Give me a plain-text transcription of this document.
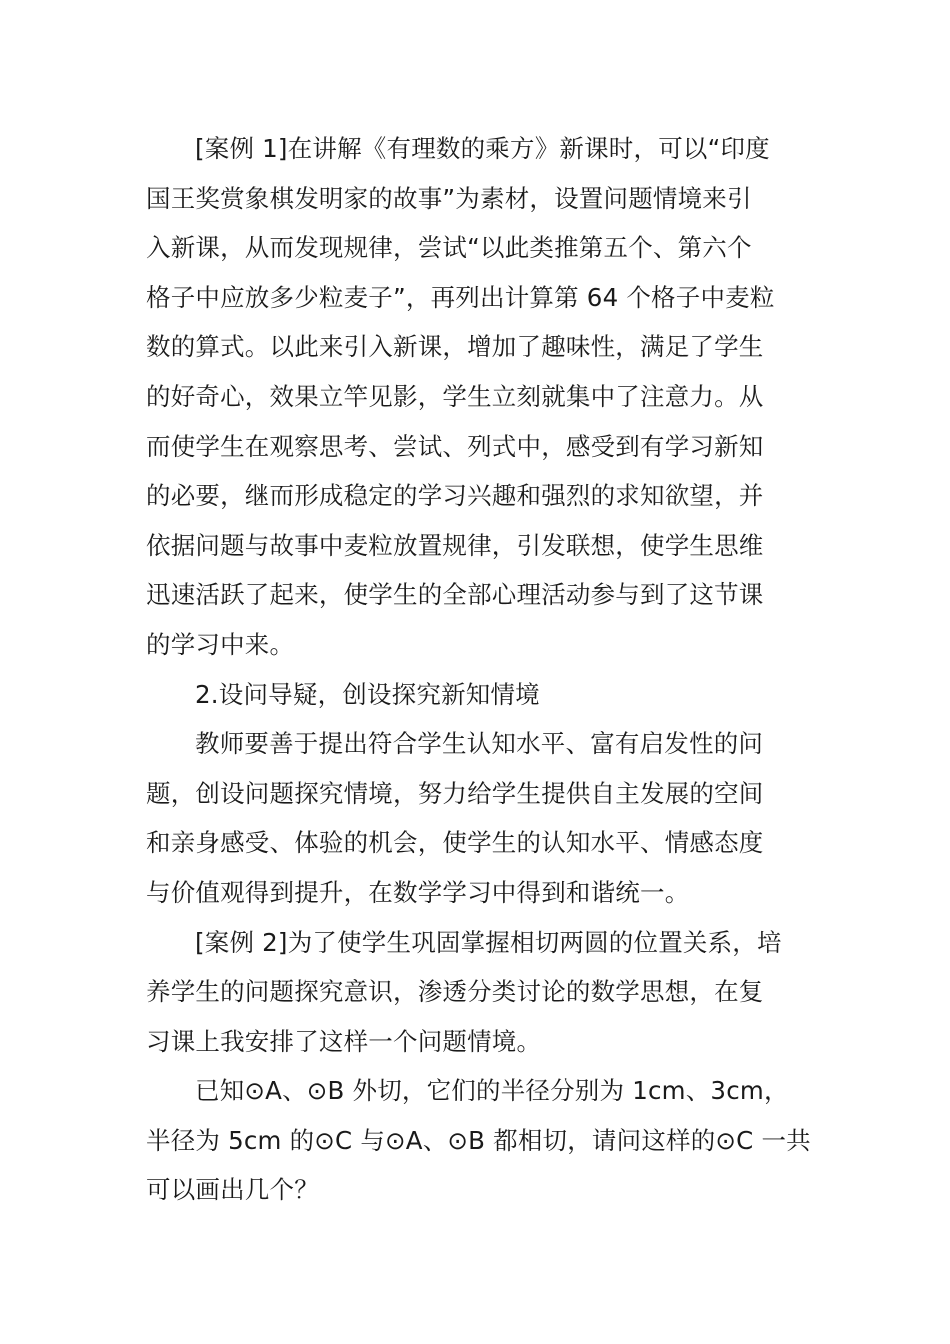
[案例 1]在讲解《有理数的乘方》新课时，可以“印度
国王奖赏象棋发明家的故事”为素材，设置问题情境来引
入新课，从而发现规律，尝试“以此类推第五个、第六个
格子中应放多少粒麦子”，再列出计算第 64 个格子中麦粒
数的算式。以此来引入新课，增加了趣味性，满足了学生
的好奇心，效果立竿见影，学生立刻就集中了注意力。从
而使学生在观察思考、尝试、列式中，感受到有学习新知
的必要，继而形成稳定的学习兴趣和强烈的求知欲望，并
依据问题与故事中麦粒放置规律，引发联想，使学生思维
迅速活跃了起来，使学生的全部心理活动参与到了这节课
的学习中来。
2.设问导疑，创设探究新知情境
教师要善于提出符合学生认知水平、富有启发性的问
题，创设问题探究情境，努力给学生提供自主发展的空间
和亲身感受、体验的机会，使学生的认知水平、情感态度
与价值观得到提升，在数学学习中得到和谐统一。
[案例 2]为了使学生巩固掌握相切两圆的位置关系，培
养学生的问题探究意识，渗透分类讨论的数学思想，在复
习课上我安排了这样一个问题情境。
已知⊙A、⊙B 外切，它们的半径分别为 1cm、3cm，
半径为 5cm 的⊙C 与⊙A、⊙B 都相切，请问这样的⊙C 一共
可以画出几个？
